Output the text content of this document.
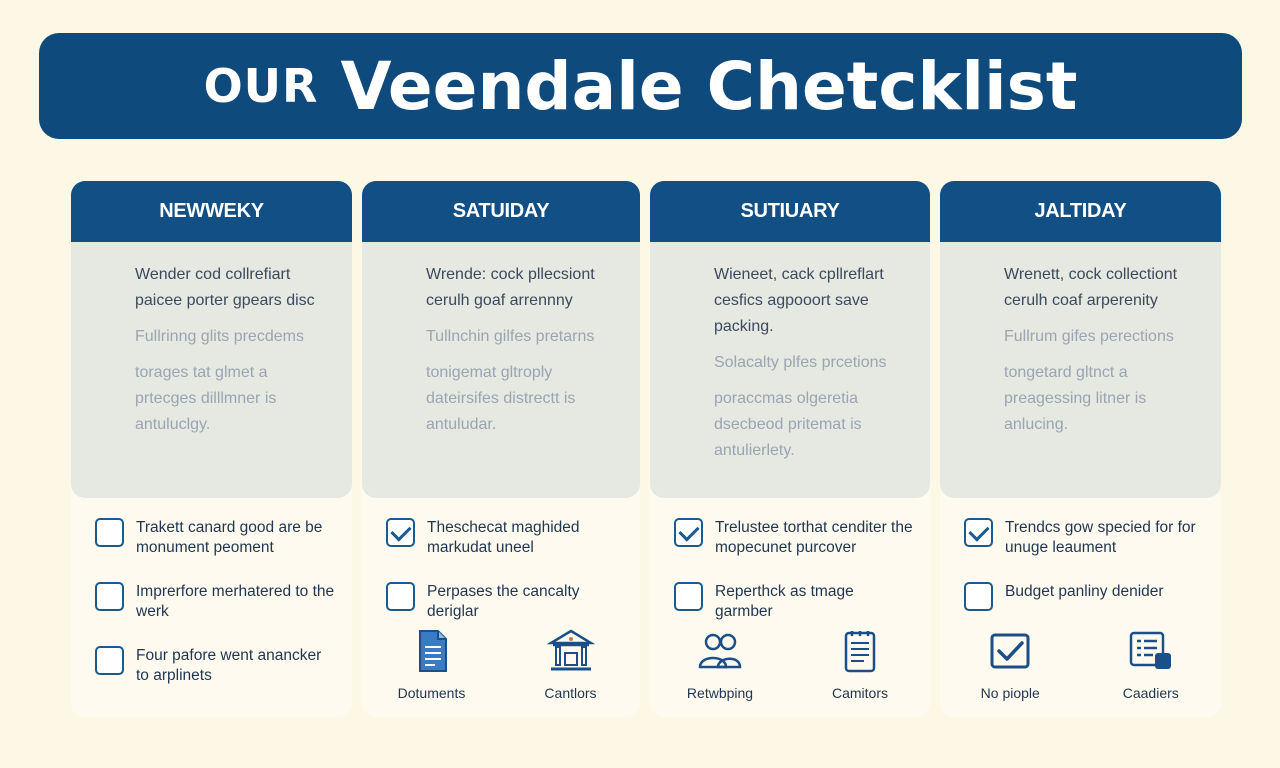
OUR Veendale Chetcklist
NEWWEKY

Wender cod collrefiart paicee porter gpears disc

Fullrinng glits precdems

torages tat glmet a prtecges dilllmner is antuluclgy.

Trakett canard good are be monument peoment
Imprerfore merhatered to the werk
Four pafore went anancker to arplinets
SATUIDAY

Wrende: cock pllecsiont cerulh goaf arrennny

Tullnchin gilfes pretarns

tonigemat gltroply dateirsifes distrectt is antuludar.

Theschecat maghided markudat uneel
Perpases the cancalty deriglar
Dotuments	Cantlors
SUTIUARY

Wieneet, cack cpllreflart cesfics agpooort save packing.

Solacalty plfes prcetions

poraccmas olgeretia dsecbeod pritemat is antulierlety.

Trelustee torthat cenditer the mopecunet purcover
Reperthck as tmage garmber
Retwbping	Camitors
JALTIDAY

Wrenett, cock collectiont cerulh coaf arperenity

Fullrum gifes perections

tongetard gltnct a preagessing litner is anlucing.

Trendcs gow specied for for unuge leaument
Budget panliny denider
No piople	Caadiers
